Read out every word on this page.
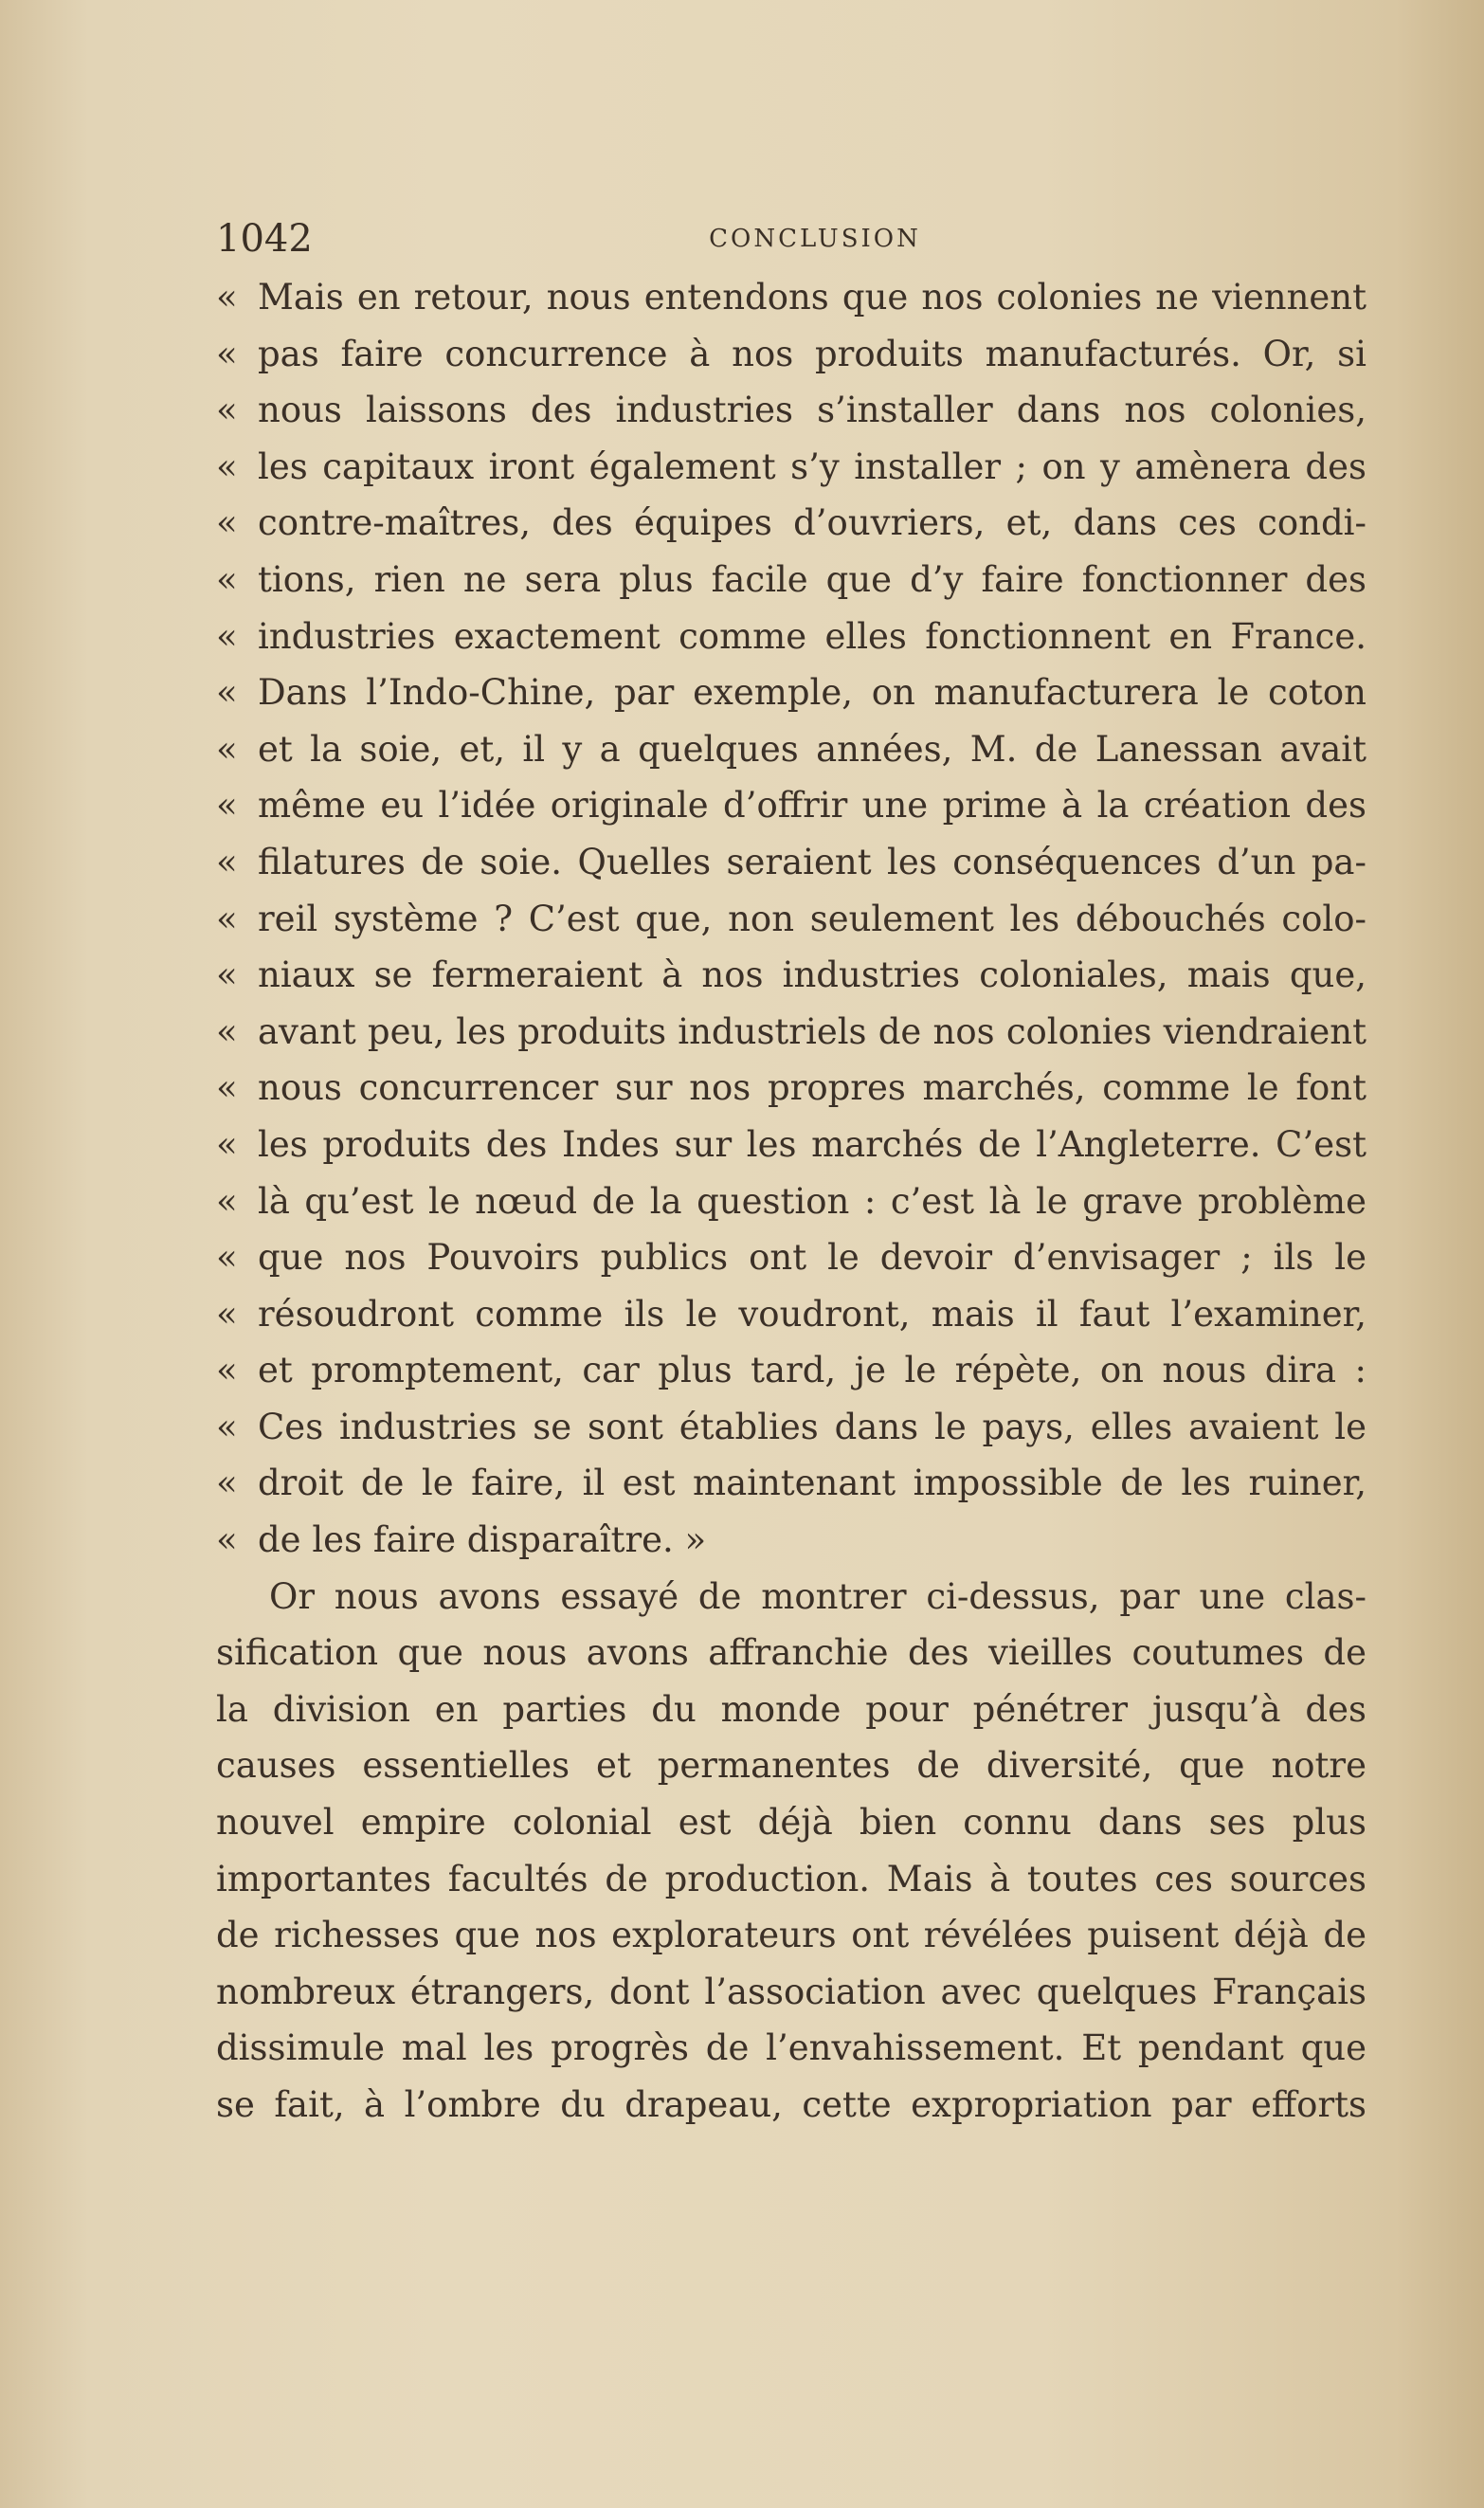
1042	CONCLUSION
« Mais en retour, nous entendons que nos colonies ne viennent
« pas faire concurrence à nos produits manufacturés. Or, si
« nous laissons des industries s’installer dans nos colonies,
« les capitaux iront également s’y installer ; on y amènera des
« contre-maîtres, des équipes d’ouvriers, et, dans ces condi-
« tions, rien ne sera plus facile que d’y faire fonctionner des
« industries exactement comme elles fonctionnent en France.
« Dans l’Indo-Chine, par exemple, on manufacturera le coton
« et la soie, et, il y a quelques années, M. de Lanessan avait
« même eu l’idée originale d’offrir une prime à la création des
« filatures de soie. Quelles seraient les conséquences d’un pa-
« reil système ? C’est que, non seulement les débouchés colo-
« niaux se fermeraient à nos industries coloniales, mais que,
« avant peu, les produits industriels de nos colonies viendraient
« nous concurrencer sur nos propres marchés, comme le font
« les produits des Indes sur les marchés de l’Angleterre. C’est
« là qu’est le nœud de la question : c’est là le grave problème
« que nos Pouvoirs publics ont le devoir d’envisager ; ils le
« résoudront comme ils le voudront, mais il faut l’examiner,
« et promptement, car plus tard, je le répète, on nous dira :
« Ces industries se sont établies dans le pays, elles avaient le
« droit de le faire, il est maintenant impossible de les ruiner,
« de les faire disparaître. »
Or nous avons essayé de montrer ci-dessus, par une clas-
sification que nous avons affranchie des vieilles coutumes de
la division en parties du monde pour pénétrer jusqu’à des
causes essentielles et permanentes de diversité, que notre
nouvel empire colonial est déjà bien connu dans ses plus
importantes facultés de production. Mais à toutes ces sources
de richesses que nos explorateurs ont révélées puisent déjà de
nombreux étrangers, dont l’association avec quelques Français
dissimule mal les progrès de l’envahissement. Et pendant que
se fait, à l’ombre du drapeau, cette expropriation par efforts
